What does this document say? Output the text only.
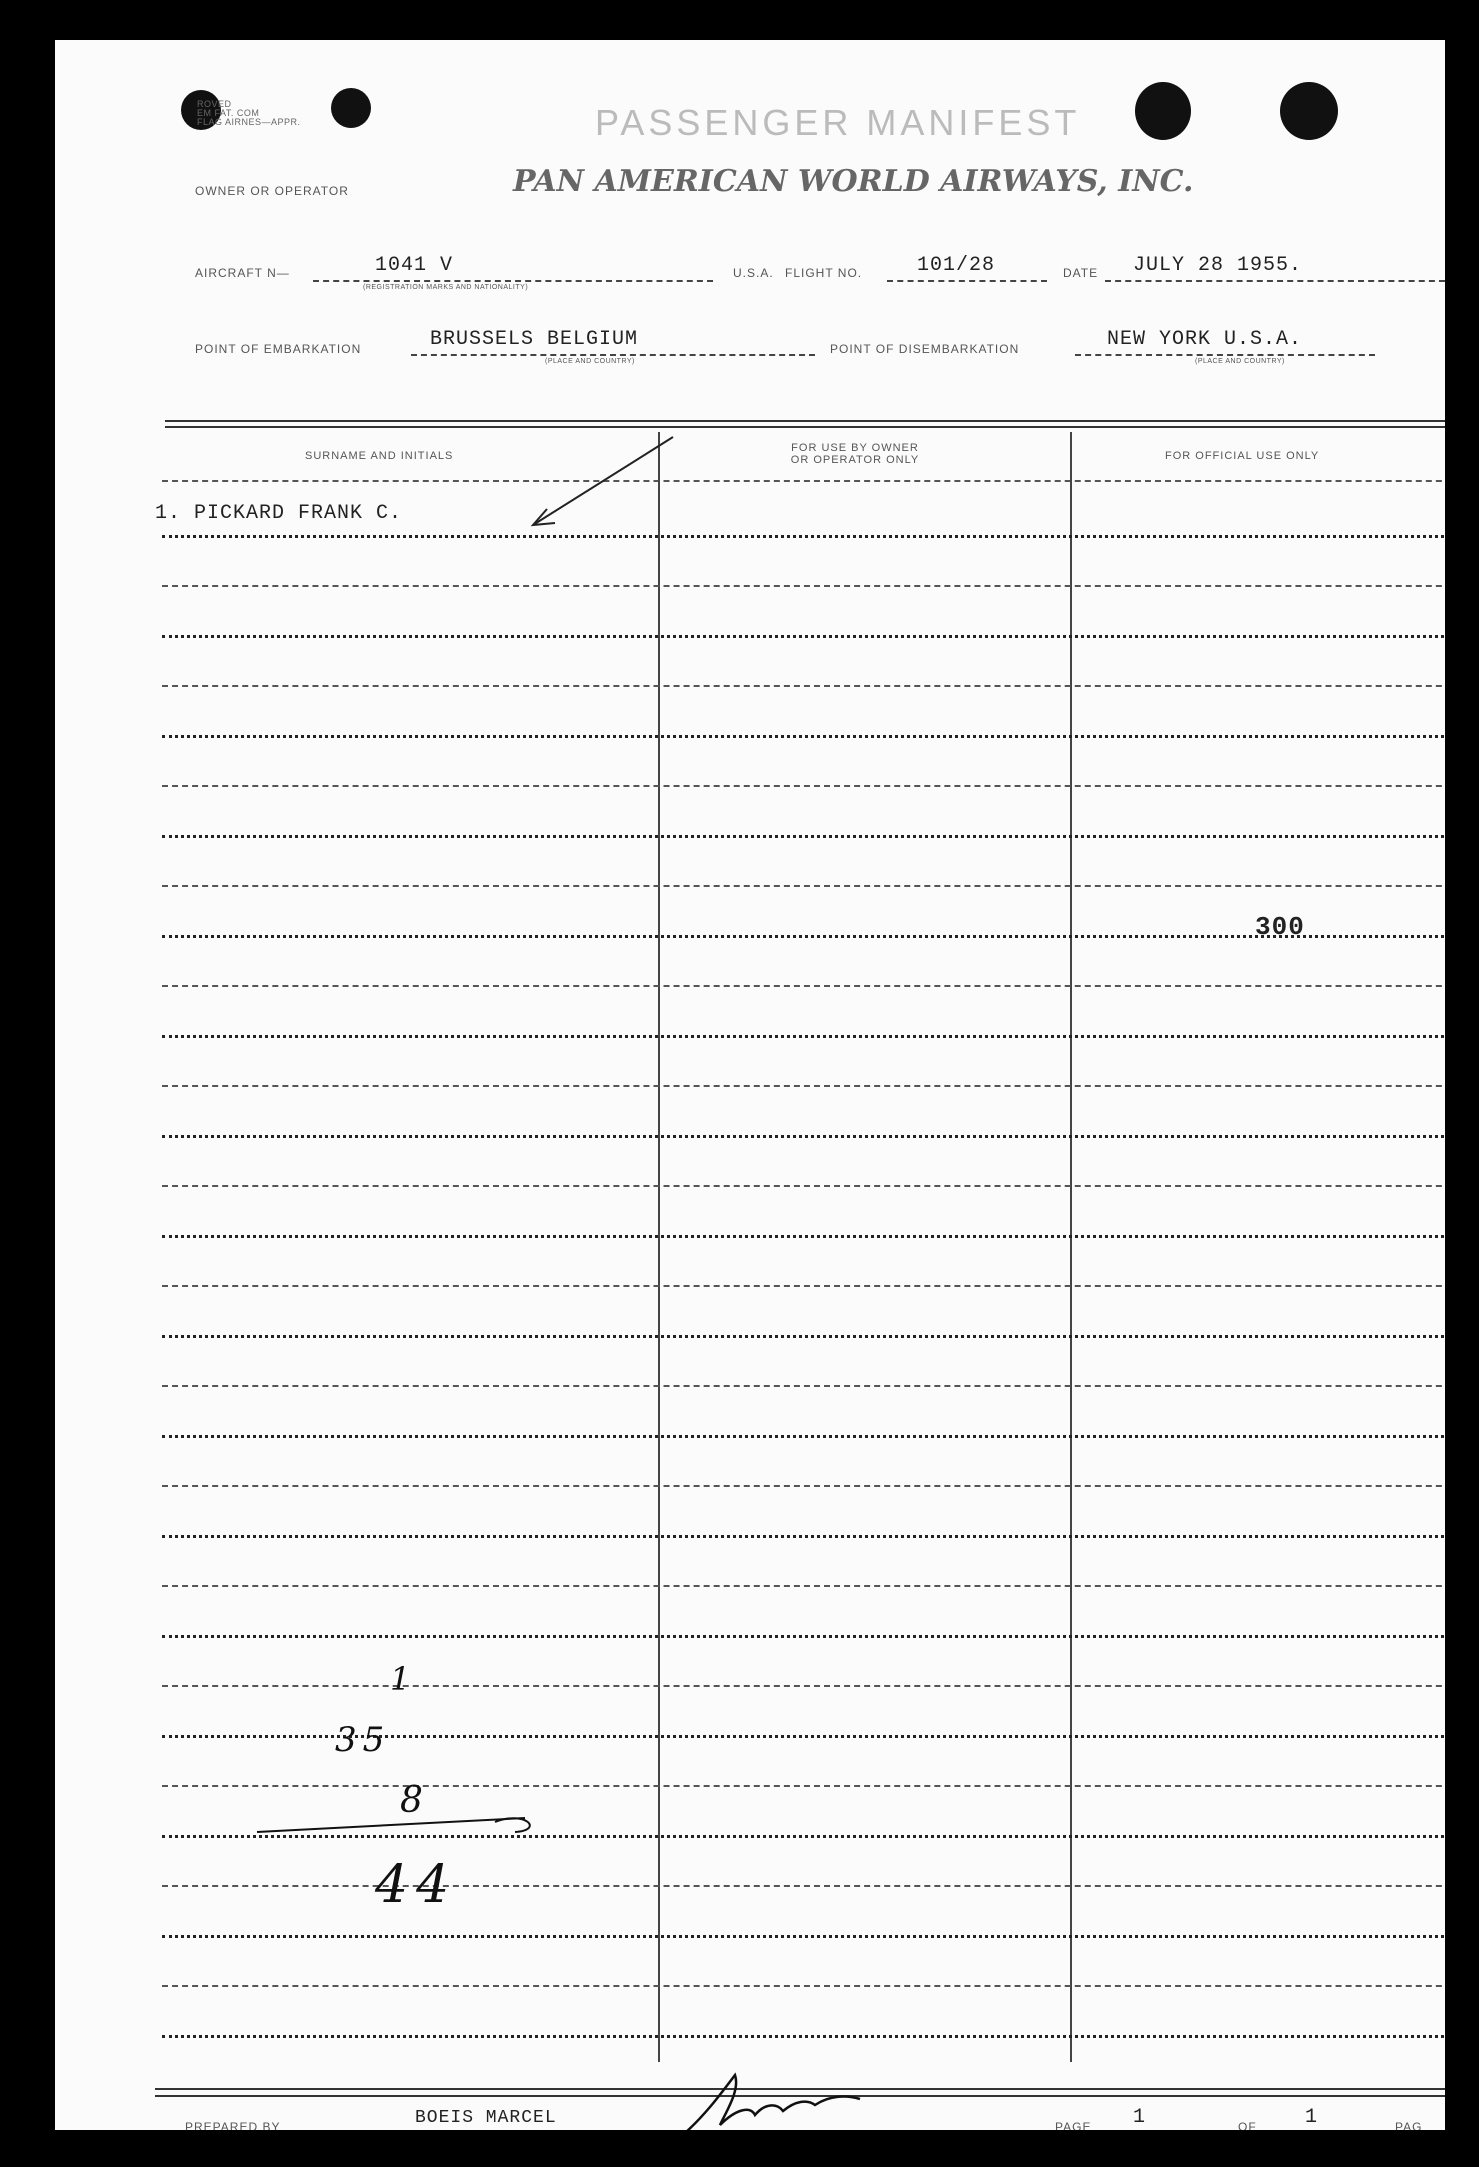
ROVED
EM FAT. COM
FLAG AIRNES—APPR.	PASSENGER MANIFEST
OWNER OR OPERATOR	PAN AMERICAN WORLD AIRWAYS, INC.
AIRCRAFT N—	1041 V
(REGISTRATION MARKS AND NATIONALITY)
U.S.A. FLIGHT NO.	101/28	DATE JULY 28 1955.
POINT OF EMBARKATION	BRUSSELS BELGIUM
(PLACE AND COUNTRY)
POINT OF DISEMBARKATION	NEW YORK U.S.A.
(PLACE AND COUNTRY)
SURNAME AND INITIALS
FOR USE BY OWNER
OR OPERATOR ONLY	FOR OFFICIAL USE ONLY
1. PICKARD FRANK C.
300
1
35
8
44
PREPARED BY	BOEIS MARCEL	PAGE 1	OF 1	PAG
